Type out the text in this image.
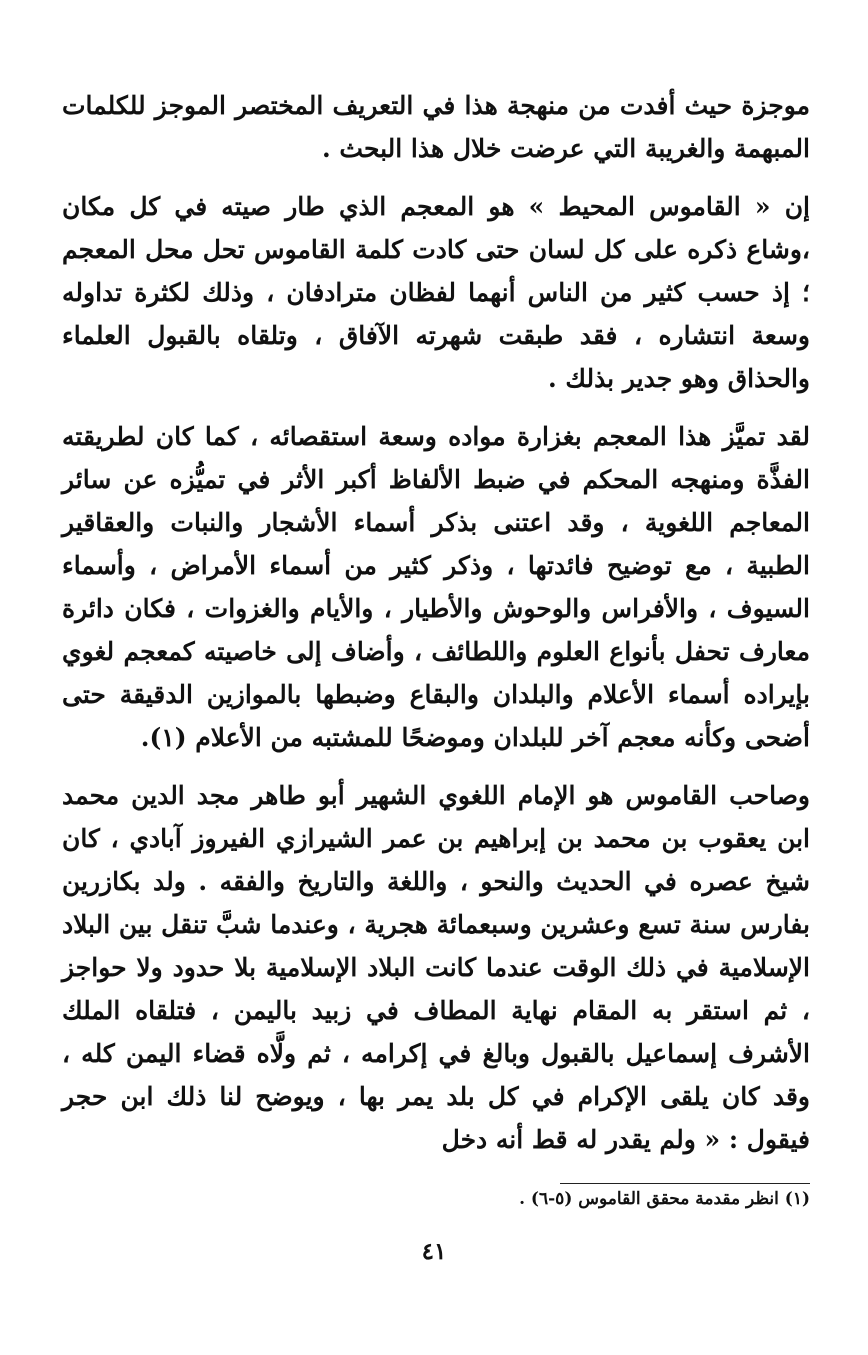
موجزة حيث أفدت من منهجة هذا في التعريف المختصر الموجز للكلمات المبهمة والغريبة التي عرضت خلال هذا البحث .

إن « القاموس المحيط » هو المعجم الذي طار صيته في كل مكان ،وشاع ذكره على كل لسان حتى كادت كلمة القاموس تحل محل المعجم ؛ إذ حسب كثير من الناس أنهما لفظان مترادفان ، وذلك لكثرة تداوله وسعة انتشاره ، فقد طبقت شهرته الآفاق ، وتلقاه بالقبول العلماء والحذاق وهو جدير بذلك .

لقد تميَّز هذا المعجم بغزارة مواده وسعة استقصائه ، كما كان لطريقته الفذَّة ومنهجه المحكم في ضبط الألفاظ أكبر الأثر في تميُّزه عن سائر المعاجم اللغوية ، وقد اعتنى بذكر أسماء الأشجار والنبات والعقاقير الطبية ، مع توضيح فائدتها ، وذكر كثير من أسماء الأمراض ، وأسماء السيوف ، والأفراس والوحوش والأطيار ، والأيام والغزوات ، فكان دائرة معارف تحفل بأنواع العلوم واللطائف ، وأضاف إلى خاصيته كمعجم لغوي بإيراده أسماء الأعلام والبلدان والبقاع وضبطها بالموازين الدقيقة حتى أضحى وكأنه معجم آخر للبلدان وموضحًا للمشتبه من الأعلام (١).

وصاحب القاموس هو الإمام اللغوي الشهير أبو طاهر مجد الدين محمد ابن يعقوب بن محمد بن إبراهيم بن عمر الشيرازي الفيروز آبادي ، كان شيخ عصره في الحديث والنحو ، واللغة والتاريخ والفقه . ولد بكازرين بفارس سنة تسع وعشرين وسبعمائة هجرية ، وعندما شبَّ تنقل بين البلاد الإسلامية في ذلك الوقت عندما كانت البلاد الإسلامية بلا حدود ولا حواجز ، ثم استقر به المقام نهاية المطاف في زبيد باليمن ، فتلقاه الملك الأشرف إسماعيل بالقبول وبالغ في إكرامه ، ثم ولَّاه قضاء اليمن كله ، وقد كان يلقى الإكرام في كل بلد يمر بها ، ويوضح لنا ذلك ابن حجر فيقول : « ولم يقدر له قط أنه دخل

(١) انظر مقدمة محقق القاموس (٥-٦) .
٤١
